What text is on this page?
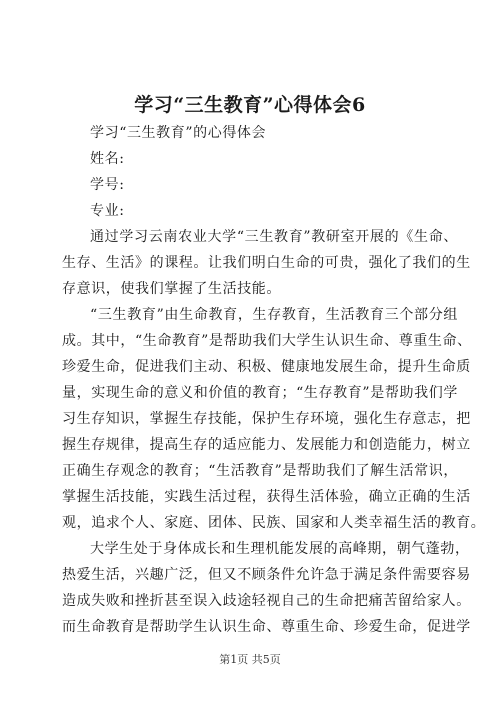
学习“三生教育”心得体会6
学习“三生教育”的心得体会
姓名:
学号:
专业:
通过学习云南农业大学“三生教育”教研室开展的《生命、
生存、生活》的课程。让我们明白生命的可贵，强化了我们的生
存意识，使我们掌握了生活技能。
“三生教育”由生命教育，生存教育，生活教育三个部分组
成。其中，“生命教育”是帮助我们大学生认识生命、尊重生命、
珍爱生命，促进我们主动、积极、健康地发展生命，提升生命质
量，实现生命的意义和价值的教育；“生存教育”是帮助我们学
习生存知识，掌握生存技能，保护生存环境，强化生存意志，把
握生存规律，提高生存的适应能力、发展能力和创造能力，树立
正确生存观念的教育；“生活教育”是帮助我们了解生活常识，
掌握生活技能，实践生活过程，获得生活体验，确立正确的生活
观，追求个人、家庭、团体、民族、国家和人类幸福生活的教育。
大学生处于身体成长和生理机能发展的高峰期，朝气蓬勃，
热爱生活，兴趣广泛，但又不顾条件允许急于满足条件需要容易
造成失败和挫折甚至误入歧途轻视自己的生命把痛苦留给家人。
而生命教育是帮助学生认识生命、尊重生命、珍爱生命，促进学
第1页 共5页
